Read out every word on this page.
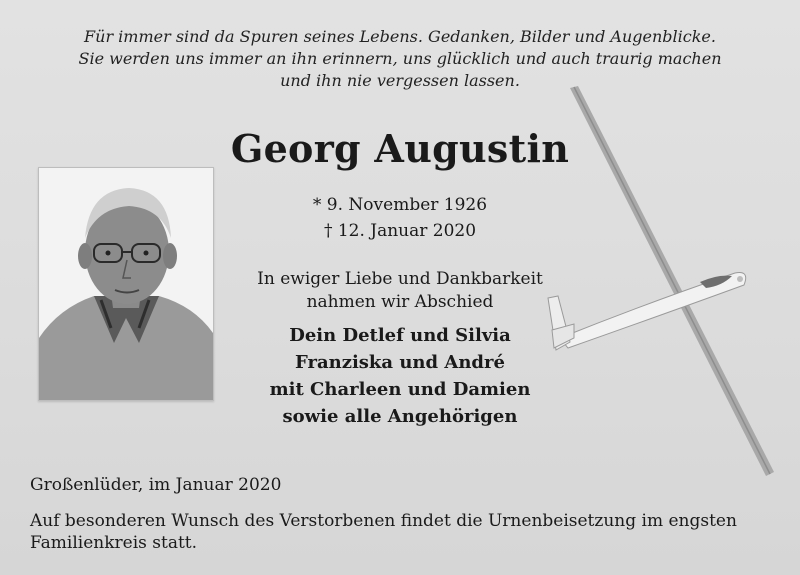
Für immer sind da Spuren seines Lebens. Gedanken, Bilder und Augenblicke.
Sie werden uns immer an ihn erinnern, uns glücklich und auch traurig machen
und ihn nie vergessen lassen.
Georg Augustin
* 9. November 1926
† 12. Januar 2020
In ewiger Liebe und Dankbarkeit
nahmen wir Abschied
Dein Detlef und Silvia
Franziska und André
mit Charleen und Damien
sowie alle Angehörigen
Großenlüder, im Januar 2020
Auf besonderen Wunsch des Verstorbenen findet die Urnenbeisetzung im engsten Familienkreis statt.
